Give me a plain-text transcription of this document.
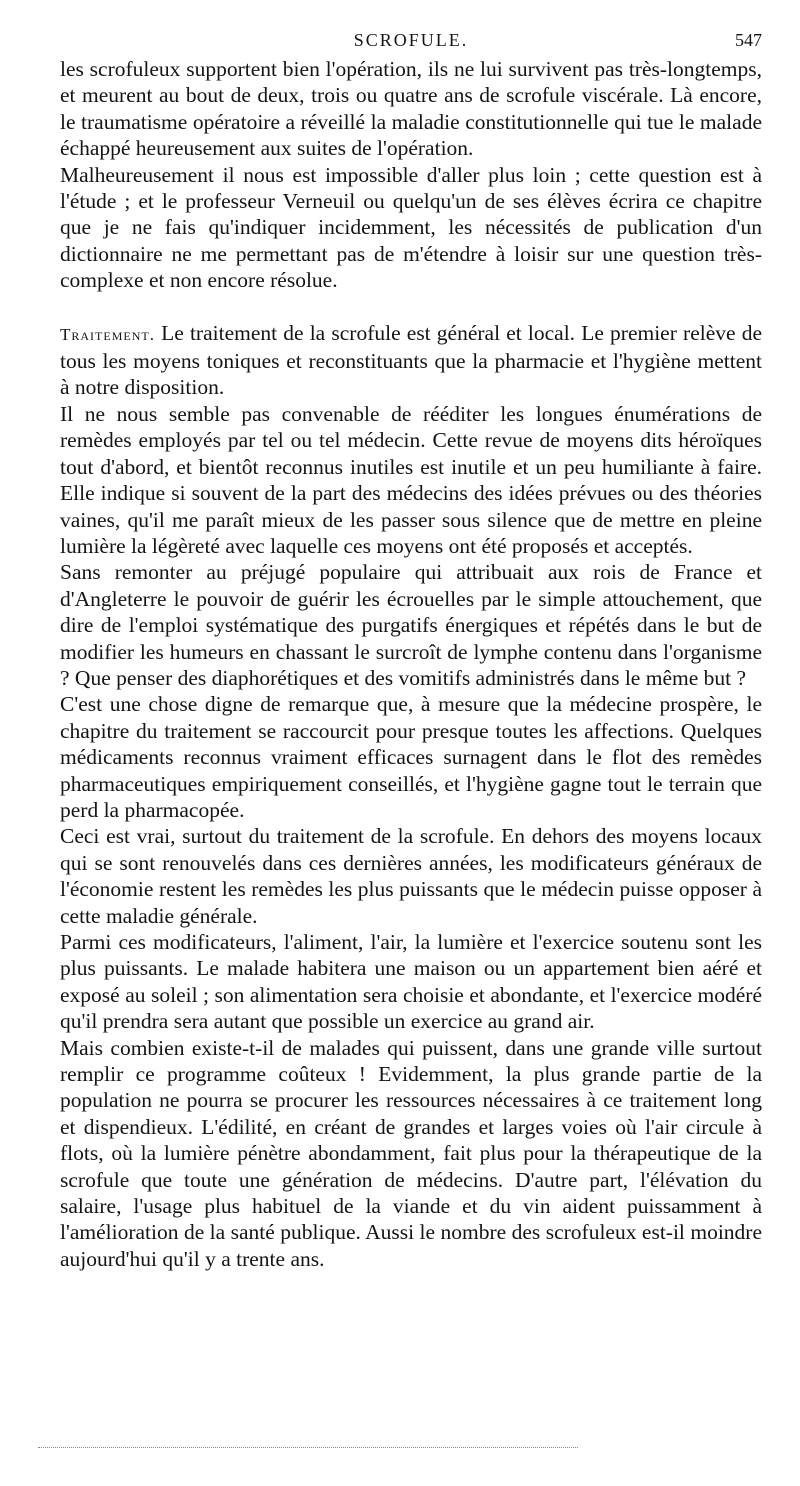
SCROFULE.	547

les scrofuleux supportent bien l'opération, ils ne lui survivent pas très-longtemps, et meurent au bout de deux, trois ou quatre ans de scrofule viscérale. Là encore, le traumatisme opératoire a réveillé la maladie constitutionnelle qui tue le malade échappé heureusement aux suites de l'opération.

Malheureusement il nous est impossible d'aller plus loin ; cette question est à l'étude ; et le professeur Verneuil ou quelqu'un de ses élèves écrira ce chapitre que je ne fais qu'indiquer incidemment, les nécessités de publication d'un dictionnaire ne me permettant pas de m'étendre à loisir sur une question très-complexe et non encore résolue.

Traitement. Le traitement de la scrofule est général et local. Le premier relève de tous les moyens toniques et reconstituants que la pharmacie et l'hygiène mettent à notre disposition.

Il ne nous semble pas convenable de rééditer les longues énumérations de remèdes employés par tel ou tel médecin. Cette revue de moyens dits héroïques tout d'abord, et bientôt reconnus inutiles est inutile et un peu humiliante à faire. Elle indique si souvent de la part des médecins des idées prévues ou des théories vaines, qu'il me paraît mieux de les passer sous silence que de mettre en pleine lumière la légèreté avec laquelle ces moyens ont été proposés et acceptés.

Sans remonter au préjugé populaire qui attribuait aux rois de France et d'Angleterre le pouvoir de guérir les écrouelles par le simple attouchement, que dire de l'emploi systématique des purgatifs énergiques et répétés dans le but de modifier les humeurs en chassant le surcroît de lymphe contenu dans l'organisme ? Que penser des diaphorétiques et des vomitifs administrés dans le même but ?

C'est une chose digne de remarque que, à mesure que la médecine prospère, le chapitre du traitement se raccourcit pour presque toutes les affections. Quelques médicaments reconnus vraiment efficaces surnagent dans le flot des remèdes pharmaceutiques empiriquement conseillés, et l'hygiène gagne tout le terrain que perd la pharmacopée.

Ceci est vrai, surtout du traitement de la scrofule. En dehors des moyens locaux qui se sont renouvelés dans ces dernières années, les modificateurs généraux de l'économie restent les remèdes les plus puissants que le médecin puisse opposer à cette maladie générale.

Parmi ces modificateurs, l'aliment, l'air, la lumière et l'exercice soutenu sont les plus puissants. Le malade habitera une maison ou un appartement bien aéré et exposé au soleil ; son alimentation sera choisie et abondante, et l'exercice modéré qu'il prendra sera autant que possible un exercice au grand air.

Mais combien existe-t-il de malades qui puissent, dans une grande ville surtout remplir ce programme coûteux ! Evidemment, la plus grande partie de la population ne pourra se procurer les ressources nécessaires à ce traitement long et dispendieux. L'édilité, en créant de grandes et larges voies où l'air circule à flots, où la lumière pénètre abondamment, fait plus pour la thérapeutique de la scrofule que toute une génération de médecins. D'autre part, l'élévation du salaire, l'usage plus habituel de la viande et du vin aident puissamment à l'amélioration de la santé publique. Aussi le nombre des scrofuleux est-il moindre aujourd'hui qu'il y a trente ans.
